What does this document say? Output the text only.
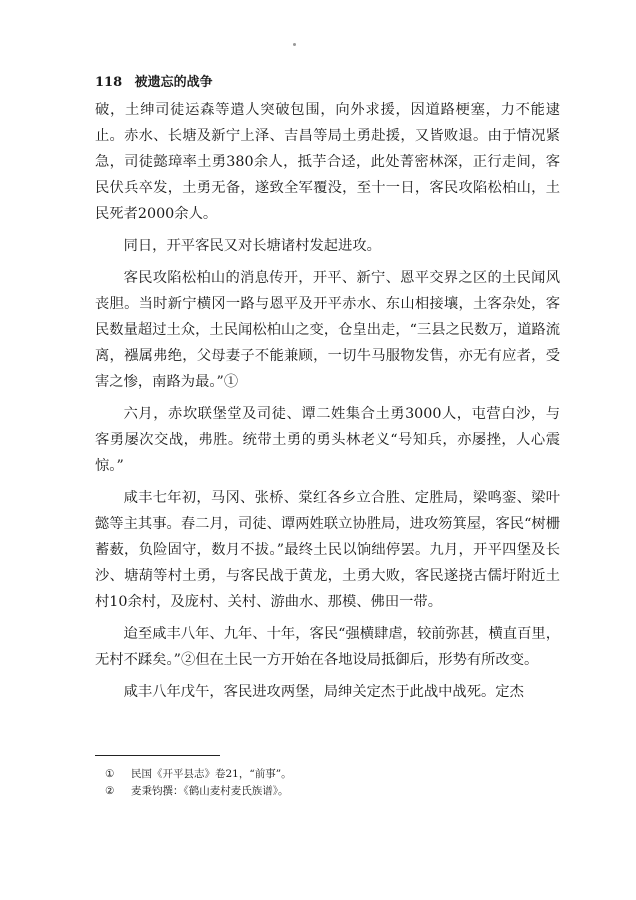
118 被遗忘的战争

破，土绅司徒运森等遣人突破包围，向外求援，因道路梗塞，力不能逮止。赤水、长塘及新宁上泽、吉昌等局土勇赴援，又皆败退。由于情况紧急，司徒懿璋率土勇380余人，抵芋合迳，此处菁密林深，正行走间，客民伏兵卒发，土勇无备，遂致全军覆没，至十一日，客民攻陷松柏山，土民死者2000余人。

同日，开平客民又对长塘诸村发起进攻。

客民攻陷松柏山的消息传开，开平、新宁、恩平交界之区的土民闻风丧胆。当时新宁横冈一路与恩平及开平赤水、东山相接壤，土客杂处，客民数量超过土众，土民闻松柏山之变，仓皇出走，“三县之民数万，道路流离，襁属弗绝，父母妻子不能兼顾，一切牛马服物发售，亦无有应者，受害之惨，南路为最。”①

六月，赤坎联堡堂及司徒、谭二姓集合土勇3000人，屯营白沙，与客勇屡次交战，弗胜。统带土勇的勇头林老义“号知兵，亦屡挫，人心震惊。”

咸丰七年初，马冈、张桥、棠红各乡立合胜、定胜局，梁鸣銮、梁叶懿等主其事。春二月，司徒、谭两姓联立协胜局，进攻笏箕屋，客民“树栅蓄薮，负险固守，数月不拔。”最终土民以饷绌停罢。九月，开平四堡及长沙、塘葫等村土勇，与客民战于黄龙，土勇大败，客民遂挠古儒圩附近土村10余村，及庞村、关村、游曲水、那模、佛田一带。

迨至咸丰八年、九年、十年，客民“强横肆虐，较前弥甚，横直百里，无村不蹂矣。”②但在土民一方开始在各地设局抵御后，形势有所改变。

咸丰八年戊午，客民进攻两堡，局绅关定杰于此战中战死。定杰

① 民国《开平县志》卷21，“前事”。
② 麦秉钧撰：《鹤山麦村麦氏族谱》。
